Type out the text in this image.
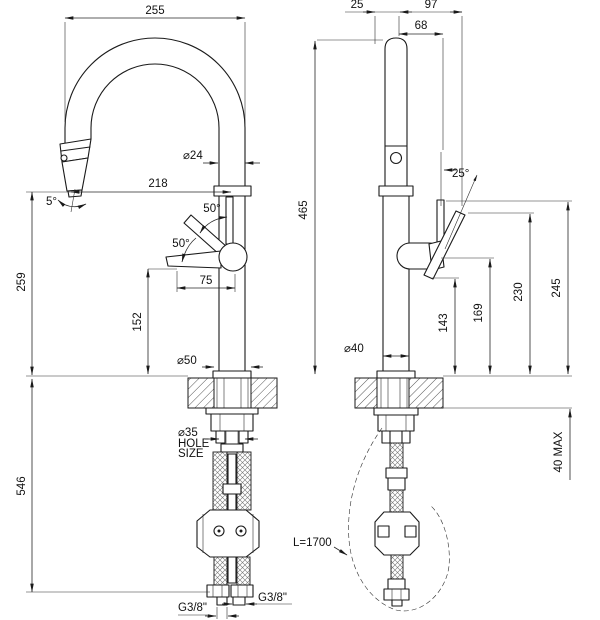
255
⌀24
218
5°
50°
50°
75
152
259
⌀50
546
⌀35
HOLE
SIZE
G3/8"
G3/8"
25	97
68
465
25°
143
169
230 245
40 MAX
⌀40
L=1700
